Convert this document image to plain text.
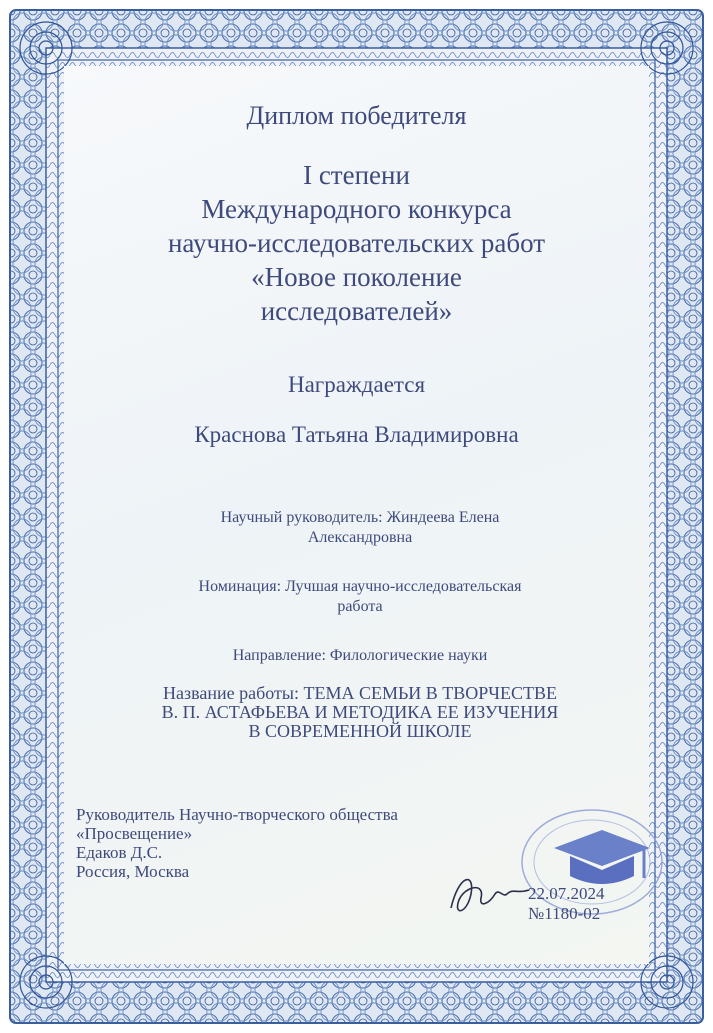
Диплом победителя
I степени
Международного конкурса
научно-исследовательских работ
«Новое поколение
исследователей»
Награждается
Краснова Татьяна Владимировна
Научный руководитель: Жиндеева Елена
Александровна
Номинация: Лучшая научно-исследовательская
работа
Направление: Филологические науки
Название работы: ТЕМА СЕМЬИ В ТВОРЧЕСТВЕ
В. П. АСТАФЬЕВА И МЕТОДИКА ЕЕ ИЗУЧЕНИЯ
В СОВРЕМЕННОЙ ШКОЛЕ
Руководитель Научно-творческого общества
«Просвещение»
Едаков Д.С.
Россия, Москва
22.07.2024
№1180-02
